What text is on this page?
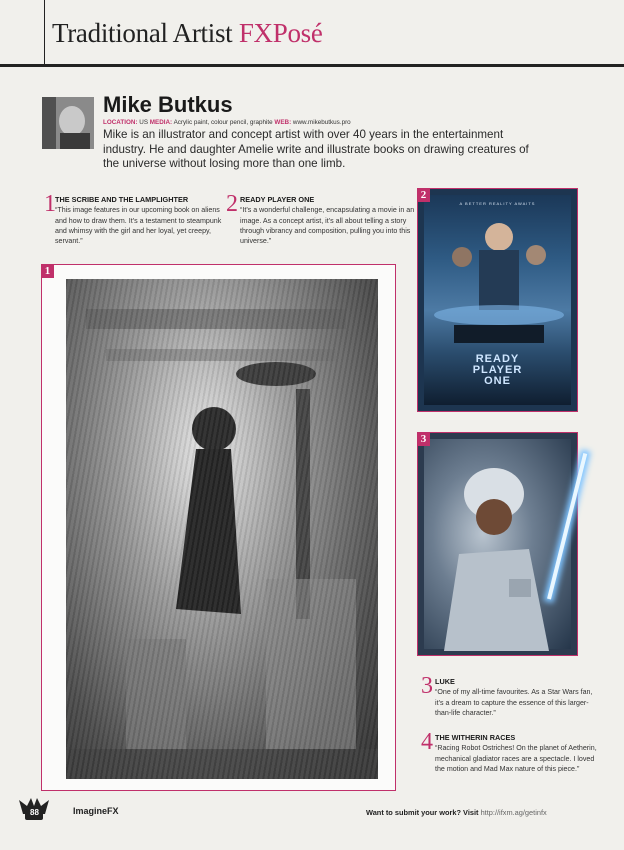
Traditional Artist FXPosé
Mike Butkus
LOCATION: US MEDIA: Acrylic paint, colour pencil, graphite WEB: www.mikebutkus.pro
Mike is an illustrator and concept artist with over 40 years in the entertainment industry. He and daughter Amelie write and illustrate books on drawing creatures of the universe without losing more than one limb.
1 THE SCRIBE AND THE LAMPLIGHTER
“This image features in our upcoming book on aliens and how to draw them. It’s a testament to steampunk and whimsy with the girl and her loyal, yet creepy, servant.”
2 READY PLAYER ONE
“It’s a wonderful challenge, encapsulating a movie in an image. As a concept artist, it’s all about telling a story through vibrancy and composition, pulling you into this universe.”
3 LUKE
“One of my all-time favourites. As a Star Wars fan, it’s a dream to capture the essence of this larger-than-life character.”
4 THE WITHERIN RACES
“Racing Robot Ostriches! On the planet of Aetherin, mechanical gladiator races are a spectacle. I loved the motion and Mad Max nature of this piece.”
1
A BETTER REALITY AWAITS
READY
PLAYER
ONE
2
3
88	ImagineFX	Want to submit your work? Visit http://ifxm.ag/getinfx
